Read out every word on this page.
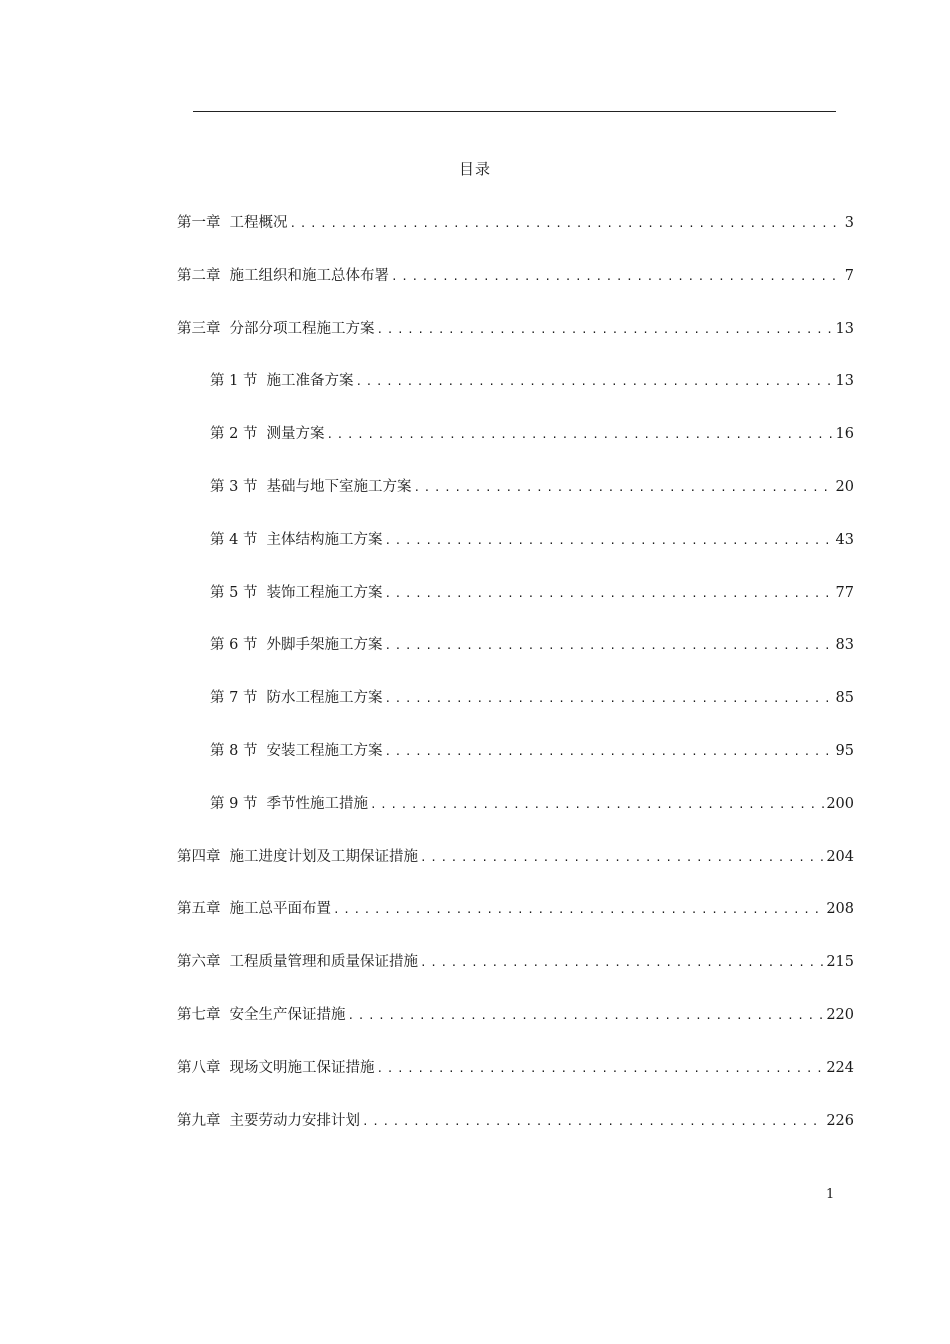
目录
第一章 工程概况 .....	3
第二章 施工组织和施工总体布署 .....	7
第三章 分部分项工程施工方案 .....	13
第 1 节 施工准备方案 .....	13
第 2 节 测量方案 .....	16
第 3 节 基础与地下室施工方案 .....	20
第 4 节 主体结构施工方案 .....	43
第 5 节 装饰工程施工方案 .....	77
第 6 节 外脚手架施工方案 .....	83
第 7 节 防水工程施工方案 .....	85
第 8 节 安装工程施工方案 .....	95
第 9 节 季节性施工措施 .....	200
第四章 施工进度计划及工期保证措施 .....	204
第五章 施工总平面布置 .....	208
第六章 工程质量管理和质量保证措施 .....	215
第七章 安全生产保证措施 .....	220
第八章 现场文明施工保证措施 .....	224
第九章 主要劳动力安排计划 .....	226
1
